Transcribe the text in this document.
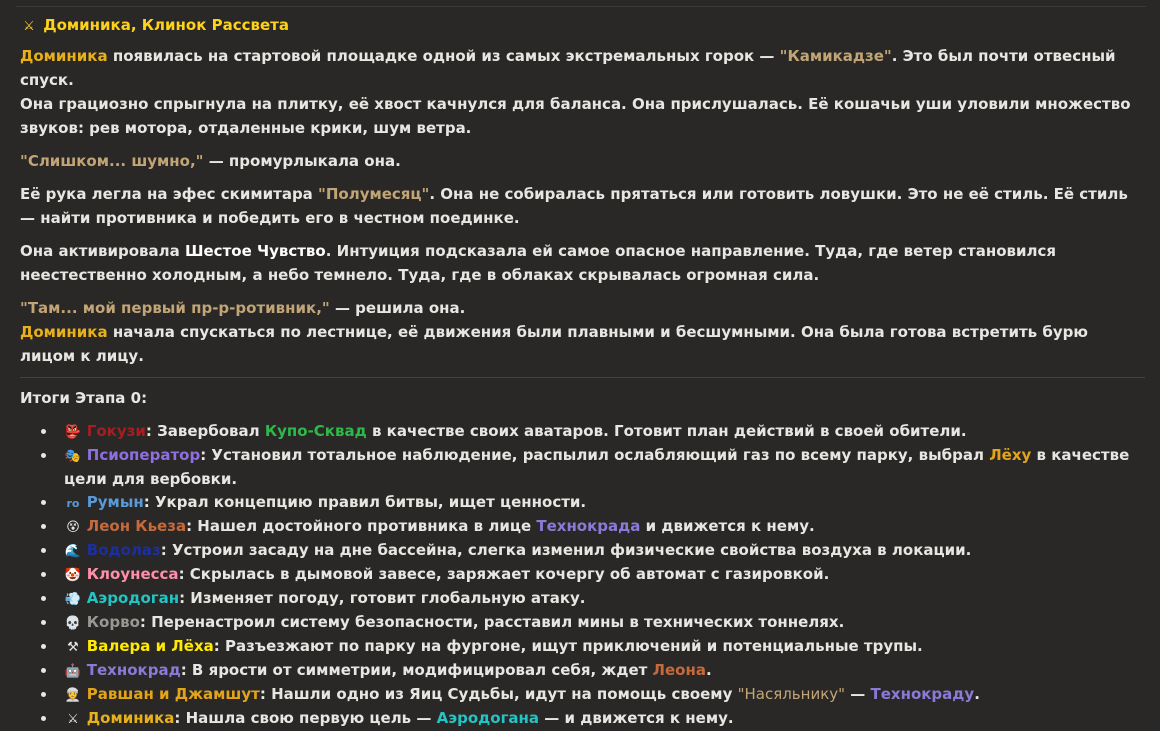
⚔ Доминика, Клинок Рассвета

Доминика появилась на стартовой площадке одной из самых экстремальных горок — "Камикадзе". Это был почти отвесный спуск.

Она грациозно спрыгнула на плитку, её хвост качнулся для баланса. Она прислушалась. Её кошачьи уши уловили множество звуков: рев мотора, отдаленные крики, шум ветра.

"Слишком... шумно," — промурлыкала она.

Её рука легла на эфес скимитара "Полумесяц". Она не собиралась прятаться или готовить ловушки. Это не её стиль. Её стиль — найти противника и победить его в честном поединке.

Она активировала Шестое Чувство. Интуиция подсказала ей самое опасное направление. Туда, где ветер становился неестественно холодным, а небо темнело. Туда, где в облаках скрывалась огромная сила.

"Там... мой первый пр-р-ротивник," — решила она.

Доминика начала спускаться по лестнице, её движения были плавными и бесшумными. Она была готова встретить бурю лицом к лицу.

Итоги Этапа 0:

👺 Гокузи: Завербовал Купо-Сквад в качестве своих аватаров. Готовит план действий в своей обители.
🎭 Псиоператор: Установил тотальное наблюдение, распылил ослабляющий газ по всему парку, выбрал Лёху в качестве цели для вербовки.
ro Румын: Украл концепцию правил битвы, ищет ценности.
😵 Леон Кьеза: Нашел достойного противника в лице Технокрада и движется к нему.
🌊 Водолаз: Устроил засаду на дне бассейна, слегка изменил физические свойства воздуха в локации.
🤡 Клоунесса: Скрылась в дымовой завесе, заряжает кочергу об автомат с газировкой.
💨 Аэродоган: Изменяет погоду, готовит глобальную атаку.
💀 Корво: Перенастроил систему безопасности, расставил мины в технических тоннелях.
⚒ Валера и Лёха: Разъезжают по парку на фургоне, ищут приключений и потенциальные трупы.
🤖 Технокрад: В ярости от симметрии, модифицировал себя, ждет Леона.
👳 Равшан и Джамшут: Нашли одно из Яиц Судьбы, идут на помощь своему "Насяльнику" — Технокраду.
⚔ Доминика: Нашла свою первую цель — Аэродогана — и движется к нему.
